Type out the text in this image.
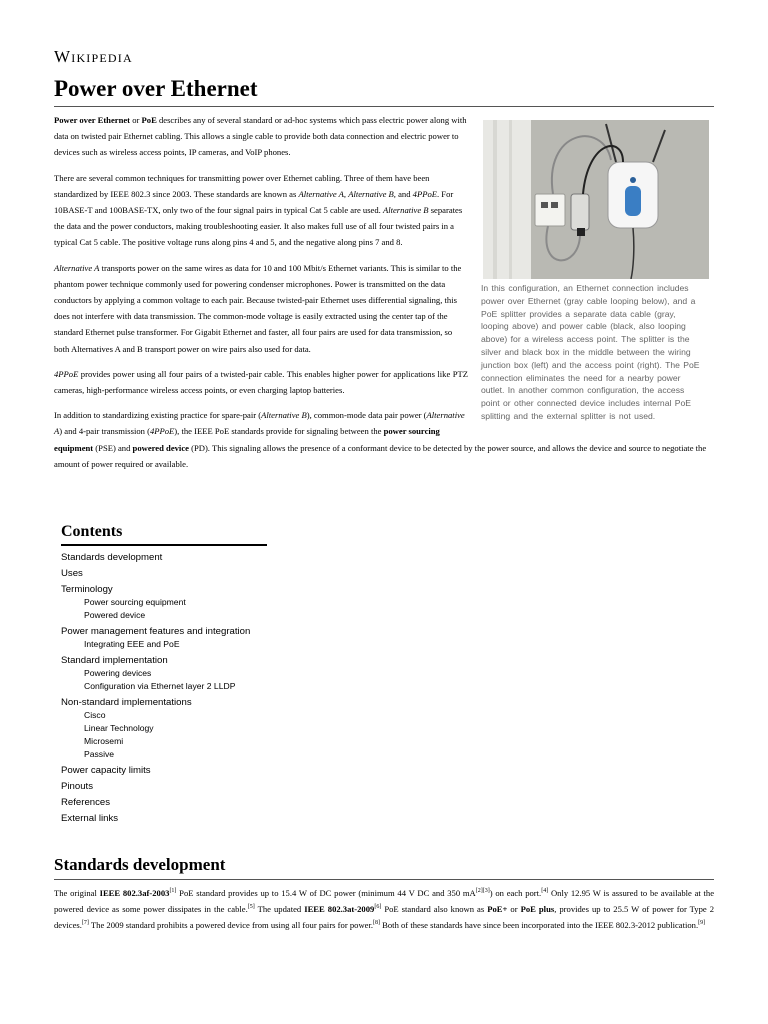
Wikipedia
Power over Ethernet
In this configuration, an Ethernet connection includes power over Ethernet (gray cable looping below), and a PoE splitter provides a separate data cable (gray, looping above) and power cable (black, also looping above) for a wireless access point. The splitter is the silver and black box in the middle between the wiring junction box (left) and the access point (right). The PoE connection eliminates the need for a nearby power outlet. In another common configuration, the access point or other connected device includes internal PoE splitting and the external splitter is not used.

Power over Ethernet or PoE describes any of several standard or ad-hoc systems which pass electric power along with data on twisted pair Ethernet cabling. This allows a single cable to provide both data connection and electric power to devices such as wireless access points, IP cameras, and VoIP phones.

There are several common techniques for transmitting power over Ethernet cabling. Three of them have been standardized by IEEE 802.3 since 2003. These standards are known as Alternative A, Alternative B, and 4PPoE. For 10BASE-T and 100BASE-TX, only two of the four signal pairs in typical Cat 5 cable are used. Alternative B separates the data and the power conductors, making troubleshooting easier. It also makes full use of all four twisted pairs in a typical Cat 5 cable. The positive voltage runs along pins 4 and 5, and the negative along pins 7 and 8.

Alternative A transports power on the same wires as data for 10 and 100 Mbit/s Ethernet variants. This is similar to the phantom power technique commonly used for powering condenser microphones. Power is transmitted on the data conductors by applying a common voltage to each pair. Because twisted-pair Ethernet uses differential signaling, this does not interfere with data transmission. The common-mode voltage is easily extracted using the center tap of the standard Ethernet pulse transformer. For Gigabit Ethernet and faster, all four pairs are used for data transmission, so both Alternatives A and B transport power on wire pairs also used for data.

4PPoE provides power using all four pairs of a twisted-pair cable. This enables higher power for applications like PTZ cameras, high-performance wireless access points, or even charging laptop batteries.

In addition to standardizing existing practice for spare-pair (Alternative B), common-mode data pair power (Alternative A) and 4-pair transmission (4PPoE), the IEEE PoE standards provide for signaling between the power sourcing equipment (PSE) and powered device (PD). This signaling allows the presence of a conformant device to be detected by the power source, and allows the device and source to negotiate the amount of power required or available.

Contents
Standards development
Uses
Terminology
Power sourcing equipment
Powered device
Power management features and integration
Integrating EEE and PoE
Standard implementation
Powering devices
Configuration via Ethernet layer 2 LLDP
Non-standard implementations
Cisco
Linear Technology
Microsemi
Passive
Power capacity limits
Pinouts
References
External links
Standards development

The original IEEE 802.3af-2003[1] PoE standard provides up to 15.4 W of DC power (minimum 44 V DC and 350 mA[2][3]) on each port.[4] Only 12.95 W is assured to be available at the powered device as some power dissipates in the cable.[5] The updated IEEE 802.3at-2009[6] PoE standard also known as PoE+ or PoE plus, provides up to 25.5 W of power for Type 2 devices.[7] The 2009 standard prohibits a powered device from using all four pairs for power.[8] Both of these standards have since been incorporated into the IEEE 802.3-2012 publication.[9]
